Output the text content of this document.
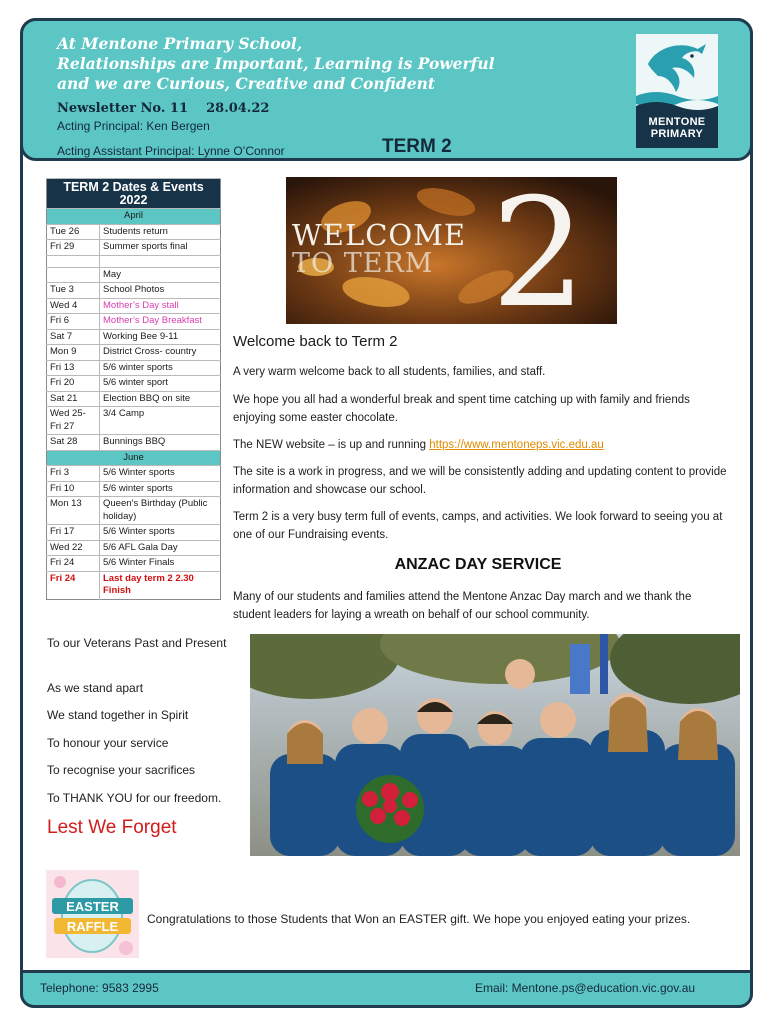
At Mentone Primary School,
Relationships are Important, Learning is Powerful
and we are Curious, Creative and Confident
Newsletter No. 11    28.04.22
Acting Principal: Ken Bergen
Acting Assistant Principal: Lynne O’Connor	TERM 2
MENTONE
PRIMARY
TERM 2 Dates & Events
2022	

April	
Tue 26	Students return
Fri 29	Summer sports final

	May
Tue 3	School Photos
Wed 4	Mother’s Day stall
Fri 6	Mother’s Day Breakfast
Sat 7	Working Bee 9-11
Mon 9	District Cross- country
Fri 13	5/6 winter sports
Fri 20	5/6 winter sport
Sat 21	Election BBQ on site
Wed 25-Fri 27	3/4 Camp
Sat 28	Bunnings BBQ
June	
Fri 3	5/6 Winter sports
Fri 10	5/6 winter sports
Mon 13	Queen’s Birthday (Public holiday)
Fri 17	5/6 Winter sports
Wed 22	5/6 AFL Gala Day
Fri 24	5/6 Winter Finals
Fri 24	Last day term 2 2.30 Finish
WELCOME
TO TERM 2
Welcome back to Term 2
A very warm welcome back to all students, families, and staff.
We hope you all had a wonderful break and spent time catching up with family and friends enjoying some easter chocolate.
The NEW website – is up and running https://www.mentoneps.vic.edu.au
The site is a work in progress, and we will be consistently adding and updating content to provide information and showcase our school.
Term 2 is a very busy term full of events, camps, and activities. We look forward to seeing you at one of our Fundraising events.
ANZAC DAY SERVICE
Many of our students and families attend the Mentone Anzac Day march and we thank the student leaders for laying a wreath on behalf of our school community.
To our Veterans Past and Present
As we stand apart
We stand together in Spirit
To honour your service
To recognise your sacrifices
To THANK YOU for our freedom.
Lest We Forget
EASTER
RAFFLE Congratulations to those Students that Won an EASTER gift. We hope you enjoyed eating your prizes.
Telephone: 9583 2995	Email: Mentone.ps@education.vic.gov.au
